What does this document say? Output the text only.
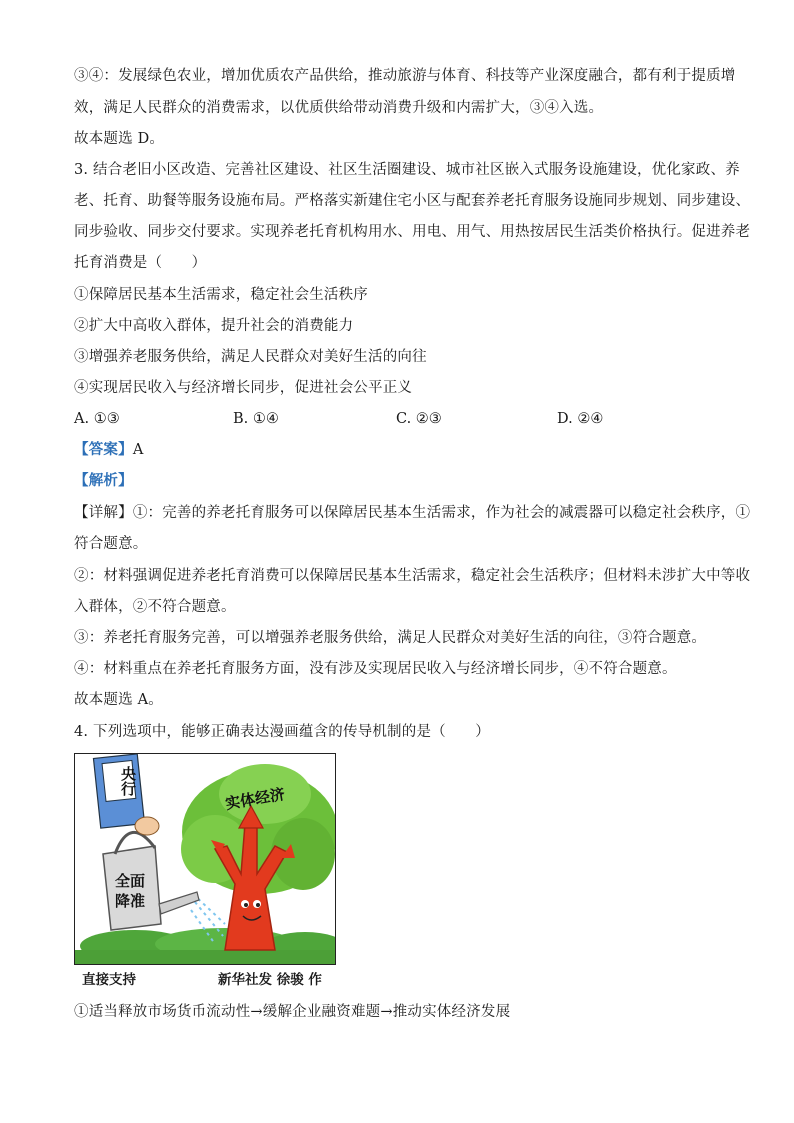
③④：发展绿色农业，增加优质农产品供给，推动旅游与体育、科技等产业深度融合，都有利于提质增
效，满足人民群众的消费需求，以优质供给带动消费升级和内需扩大，③④入选。
故本题选 D。
3. 结合老旧小区改造、完善社区建设、社区生活圈建设、城市社区嵌入式服务设施建设，优化家政、养
老、托育、助餐等服务设施布局。严格落实新建住宅小区与配套养老托育服务设施同步规划、同步建设、
同步验收、同步交付要求。实现养老托育机构用水、用电、用气、用热按居民生活类价格执行。促进养老
托育消费是（　　）
①保障居民基本生活需求，稳定社会生活秩序
②扩大中高收入群体，提升社会的消费能力
③增强养老服务供给，满足人民群众对美好生活的向往
④实现居民收入与经济增长同步，促进社会公平正义
A. ①③	B. ①④	C. ②③	D. ②④
【答案】A
【解析】
【详解】①：完善的养老托育服务可以保障居民基本生活需求，作为社会的减震器可以稳定社会秩序，①
符合题意。
②：材料强调促进养老托育消费可以保障居民基本生活需求，稳定社会生活秩序；但材料未涉扩大中等收
入群体，②不符合题意。
③：养老托育服务完善，可以增强养老服务供给，满足人民群众对美好生活的向往，③符合题意。
④：材料重点在养老托育服务方面，没有涉及实现居民收入与经济增长同步，④不符合题意。
故本题选 A。
4. 下列选项中，能够正确表达漫画蕴含的传导机制的是（　　）
央行
全面
降准
实体经济
直接支持	新华社发 徐骏 作
①适当释放市场货币流动性→缓解企业融资难题→推动实体经济发展
